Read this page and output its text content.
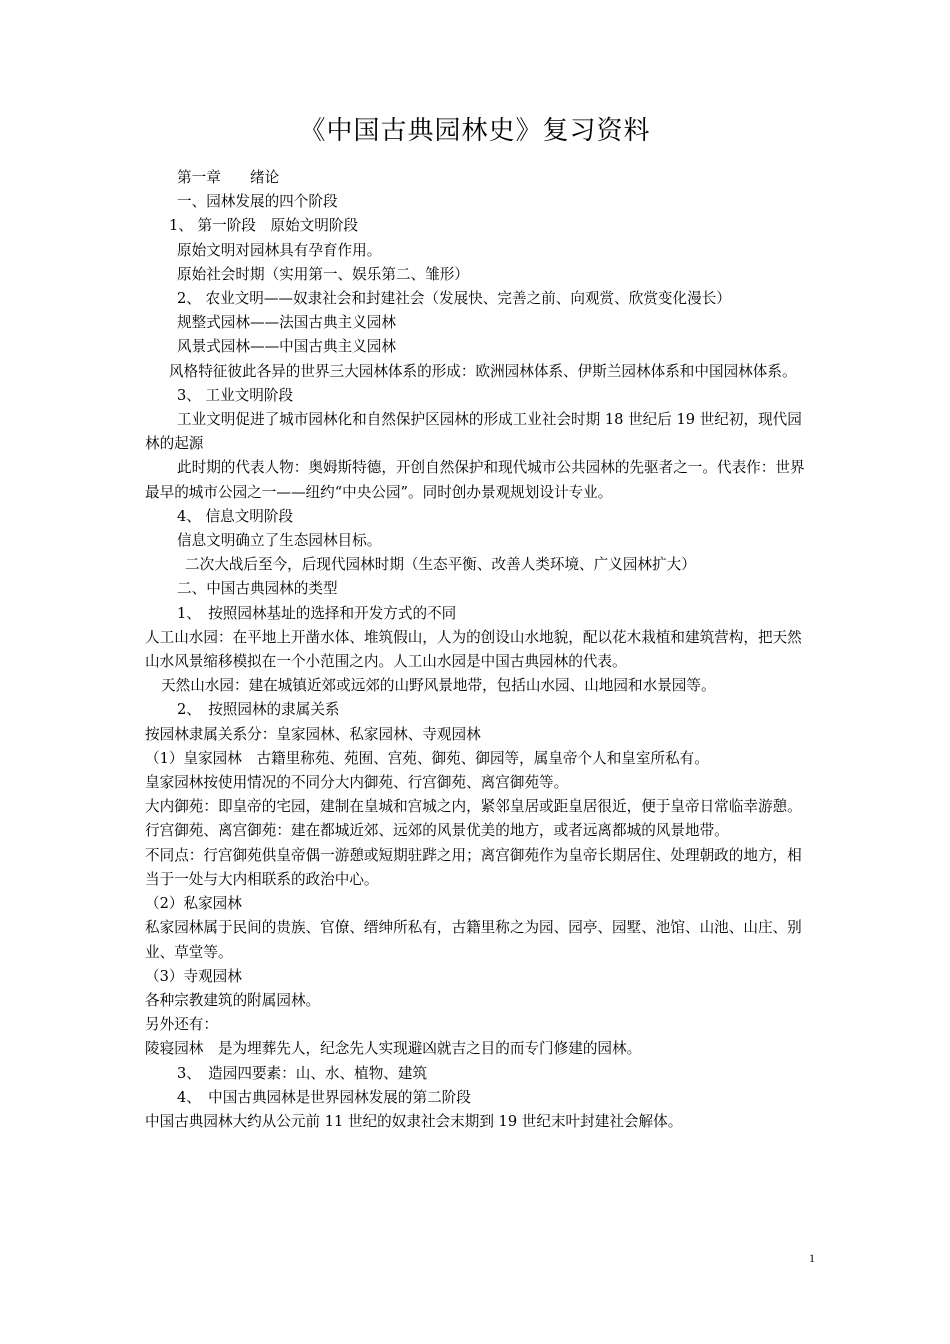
《中国古典园林史》复习资料

第一章　　绪论

一、园林发展的四个阶段

1、 第一阶段　原始文明阶段

原始文明对园林具有孕育作用。

原始社会时期（实用第一、娱乐第二、雏形）

2、 农业文明——奴隶社会和封建社会（发展快、完善之前、向观赏、欣赏变化漫长）

规整式园林——法国古典主义园林

风景式园林——中国古典主义园林

风格特征彼此各异的世界三大园林体系的形成：欧洲园林体系、伊斯兰园林体系和中国园林体系。

3、 工业文明阶段

工业文明促进了城市园林化和自然保护区园林的形成工业社会时期 18 世纪后 19 世纪初，现代园林的起源

此时期的代表人物：奥姆斯特德，开创自然保护和现代城市公共园林的先驱者之一。代表作：世界最早的城市公园之一——纽约“中央公园”。同时创办景观规划设计专业。

4、 信息文明阶段

信息文明确立了生态园林目标。

二次大战后至今，后现代园林时期（生态平衡、改善人类环境、广义园林扩大）

二、中国古典园林的类型

1、　按照园林基址的选择和开发方式的不同

人工山水园：在平地上开凿水体、堆筑假山，人为的创设山水地貌，配以花木栽植和建筑营构，把天然山水风景缩移模拟在一个小范围之内。人工山水园是中国古典园林的代表。

天然山水园：建在城镇近郊或远郊的山野风景地带，包括山水园、山地园和水景园等。

2、　按照园林的隶属关系

按园林隶属关系分：皇家园林、私家园林、寺观园林

（1）皇家园林　古籍里称苑、苑囿、宫苑、御苑、御园等，属皇帝个人和皇室所私有。

皇家园林按使用情况的不同分大内御苑、行宫御苑、离宫御苑等。

大内御苑：即皇帝的宅园，建制在皇城和宫城之内，紧邻皇居或距皇居很近，便于皇帝日常临幸游憩。

行宫御苑、离宫御苑：建在都城近郊、远郊的风景优美的地方，或者远离都城的风景地带。

不同点：行宫御苑供皇帝偶一游憩或短期驻跸之用；离宫御苑作为皇帝长期居住、处理朝政的地方，相当于一处与大内相联系的政治中心。

（2）私家园林

私家园林属于民间的贵族、官僚、缙绅所私有，古籍里称之为园、园亭、园墅、池馆、山池、山庄、别业、草堂等。

（3）寺观园林

各种宗教建筑的附属园林。

另外还有：

陵寝园林　是为埋葬先人，纪念先人实现避凶就吉之目的而专门修建的园林。

3、　造园四要素：山、水、植物、建筑

4、　中国古典园林是世界园林发展的第二阶段

中国古典园林大约从公元前 11 世纪的奴隶社会末期到 19 世纪末叶封建社会解体。

1
